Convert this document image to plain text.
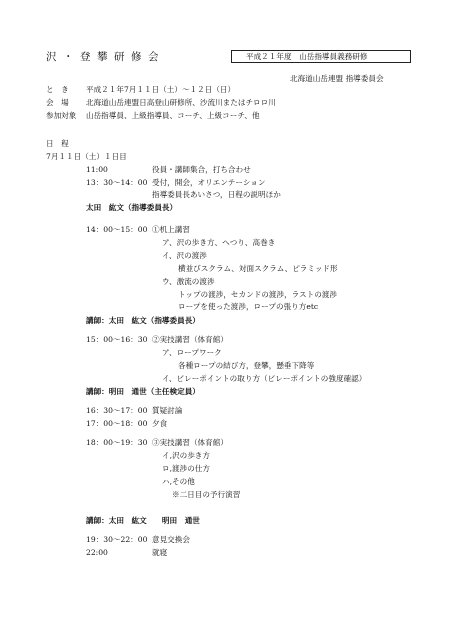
沢・登攀研修会	平成２１年度　山岳指導員義務研修
北海道山岳連盟 指導委員会
と　き 平成２１年7月１１日（土）～１２日（日）
会　場 北海道山岳連盟日高登山研修所、沙流川またはチロロ川
参加対象 山岳指導員、上級指導員、コーチ、上級コーチ、他
日　程
7月１１日（土）１日目
11:00	役員・講師集合，打ち合わせ
13：30～14：00 受付，開会，オリエンテーション
指導委員長あいさつ，日程の説明ほか
太田　紘文（指導委員長）
14：00～15：00 ①机上講習
ア、沢の歩き方、へつり、高巻き
イ、沢の渡渉
横並びスクラム、対面スクラム、ピラミッド形
ウ、激流の渡渉
トップの渡渉，セカンドの渡渉，ラストの渡渉
ロープを使った渡渉，ロープの張り方etc
講師：太田　紘文（指導委員長）
15：00～16：30 ②実技講習（体育館）
ア、ロープワーク
各種ロープの結び方，登攀，懸垂下降等
イ、ビレーポイントの取り方（ビレーポイントの強度確認）
講師：明田　通世（主任検定員）
16：30～17：00 質疑討論
17：00～18：00 夕食
18：00～19：30 ③実技講習（体育館）
イ,沢の歩き方
ロ,渡渉の仕方
ハ,その他
※二日目の予行演習
講師：太田　紘文　　明田　通世
19：30～22：00 意見交換会
22:00	就寝
